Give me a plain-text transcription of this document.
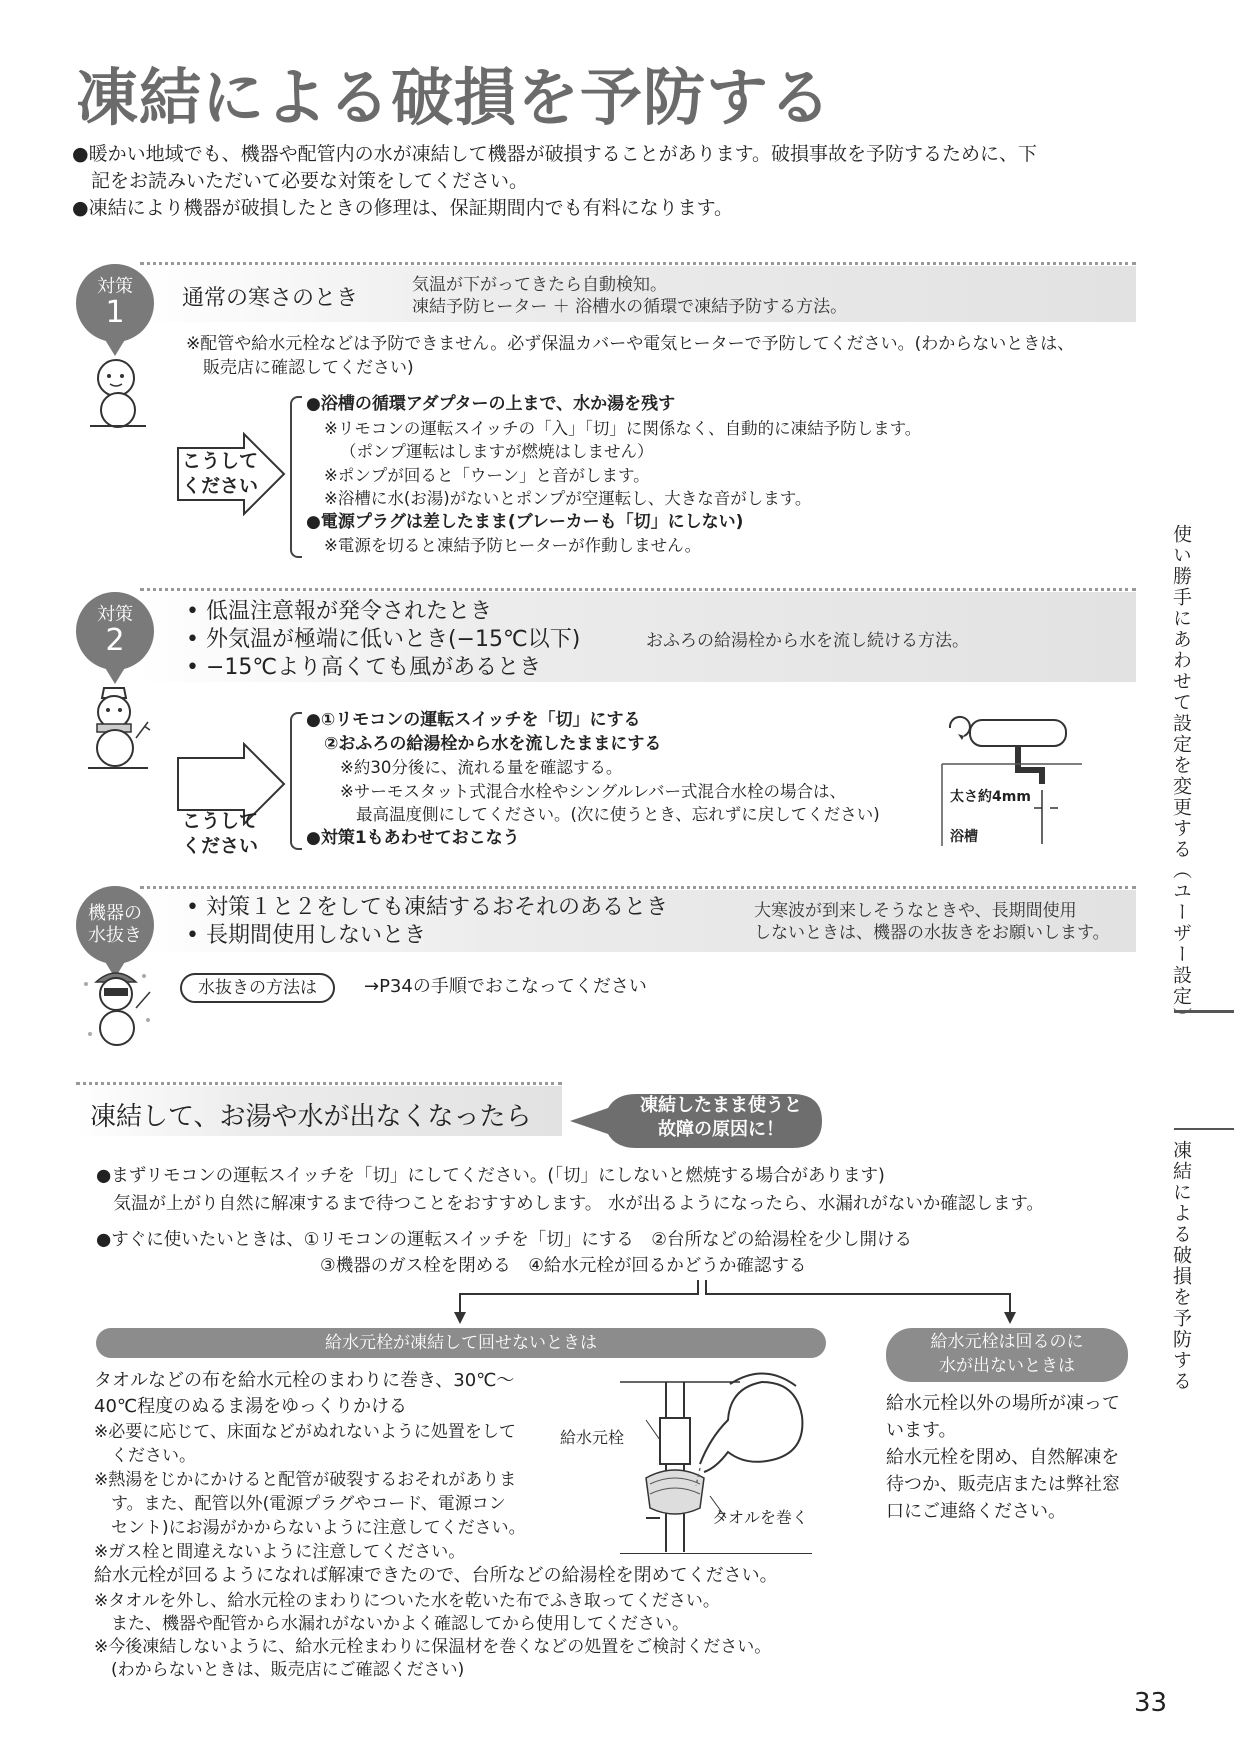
凍結による破損を予防する
●暖かい地域でも、機器や配管内の水が凍結して機器が破損することがあります。破損事故を予防するために、下
　記をお読みいただいて必要な対策をしてください。
●凍結により機器が破損したときの修理は、保証期間内でも有料になります。
対策
1	通常の寒さのとき
気温が下がってきたら自動検知。
凍結予防ヒーター ＋ 浴槽水の循環で凍結予防する方法。
※配管や給水元栓などは予防できません。必ず保温カバーや電気ヒーターで予防してください。(わからないときは、
　販売店に確認してください)
こうして
ください
●浴槽の循環アダプターの上まで、水か湯を残す
※リモコンの運転スイッチの「入」「切」に関係なく、自動的に凍結予防します。
（ポンプ運転はしますが燃焼はしません）
※ポンプが回ると「ウーン」と音がします。
※浴槽に水(お湯)がないとポンプが空運転し、大きな音がします。
●電源プラグは差したまま(ブレーカーも「切」にしない)
※電源を切ると凍結予防ヒーターが作動しません。
対策
2
• 低温注意報が発令されたとき
• 外気温が極端に低いとき(−15℃以下)
• −15℃より高くても風があるとき
おふろの給湯栓から水を流し続ける方法。
こうして
ください
●①リモコンの運転スイッチを「切」にする
②おふろの給湯栓から水を流したままにする
※約30分後に、流れる量を確認する。
※サーモスタット式混合水栓やシングルレバー式混合水栓の場合は、
最高温度側にしてください。(次に使うとき、忘れずに戻してください)
●対策1もあわせておこなう
太さ約4mm
浴槽
機器の
水抜き
• 対策１と２をしても凍結するおそれのあるとき
• 長期間使用しないとき
大寒波が到来しそうなときや、長期間使用
しないときは、機器の水抜きをお願いします。
水抜きの方法は	→P34の手順でおこなってください
凍結して、お湯や水が出なくなったら	凍結したまま使うと
故障の原因に！
●まずリモコンの運転スイッチを「切」にしてください。(「切」にしないと燃焼する場合があります)
　気温が上がり自然に解凍するまで待つことをおすすめします。 水が出るようになったら、水漏れがないか確認します。
●すぐに使いたいときは、①リモコンの運転スイッチを「切」にする　②台所などの給湯栓を少し開ける
③機器のガス栓を閉める　④給水元栓が回るかどうか確認する
給水元栓が凍結して回せないときは	給水元栓は回るのに
水が出ないときは
タオルなどの布を給水元栓のまわりに巻き、30℃～
40℃程度のぬるま湯をゆっくりかける
※必要に応じて、床面などがぬれないように処置をして
　ください。
※熱湯をじかにかけると配管が破裂するおそれがありま
　す。また、配管以外(電源プラグやコード、電源コン
　セント)にお湯がかからないように注意してください。
※ガス栓と間違えないように注意してください。
給水元栓
タオルを巻く
給水元栓以外の場所が凍って
います。
給水元栓を閉め、自然解凍を
待つか、販売店または弊社窓
口にご連絡ください。
給水元栓が回るようになれば解凍できたので、台所などの給湯栓を閉めてください。
※タオルを外し、給水元栓のまわりについた水を乾いた布でふき取ってください。
　また、機器や配管から水漏れがないかよく確認してから使用してください。
※今後凍結しないように、給水元栓まわりに保温材を巻くなどの処置をご検討ください。
　(わからないときは、販売店にご確認ください)
使い勝手にあわせて設定を変更する（ユーザー設定）
凍結による破損を予防する
33
